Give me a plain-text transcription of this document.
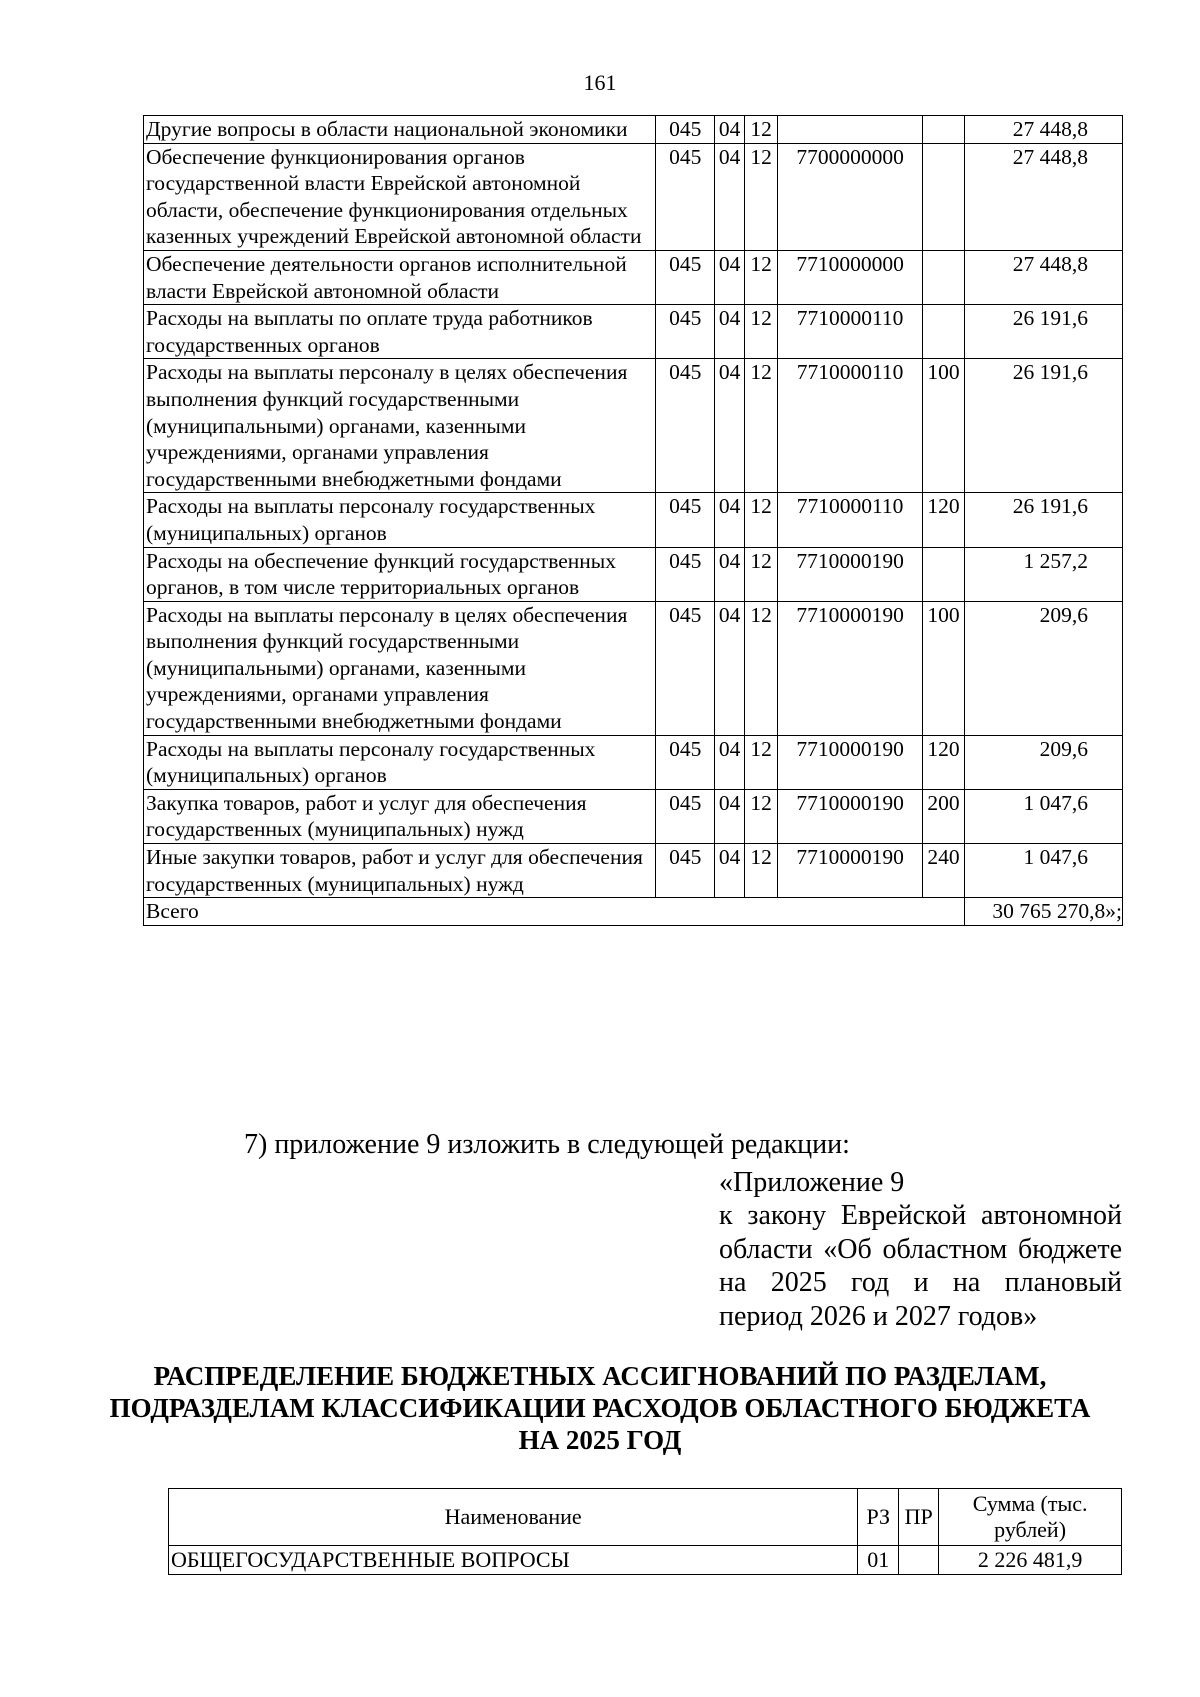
161
Другие вопросы в области национальной экономики	045	04	12			27 448,8
Обеспечение функционирования органов государственной власти Еврейской автономной области, обеспечение функционирования отдельных казенных учреждений Еврейской автономной области	045	04	12	7700000000		27 448,8
Обеспечение деятельности органов исполнительной власти Еврейской автономной области	045	04	12	7710000000		27 448,8
Расходы на выплаты по оплате труда работников государственных органов	045	04	12	7710000110		26 191,6
Расходы на выплаты персоналу в целях обеспечения выполнения функций государственными (муниципальными) органами, казенными учреждениями, органами управления государственными внебюджетными фондами	045	04	12	7710000110	100	26 191,6
Расходы на выплаты персоналу государственных (муниципальных) органов	045	04	12	7710000110	120	26 191,6
Расходы на обеспечение функций государственных органов, в том числе территориальных органов	045	04	12	7710000190		1 257,2
Расходы на выплаты персоналу в целях обеспечения выполнения функций государственными (муниципальными) органами, казенными учреждениями, органами управления государственными внебюджетными фондами	045	04	12	7710000190	100	209,6
Расходы на выплаты персоналу государственных (муниципальных) органов	045	04	12	7710000190	120	209,6
Закупка товаров, работ и услуг для обеспечения государственных (муниципальных) нужд	045	04	12	7710000190	200	1 047,6
Иные закупки товаров, работ и услуг для обеспечения государственных (муниципальных) нужд	045	04	12	7710000190	240	1 047,6
Всего						30 765 270,8»;
7) приложение 9 изложить в следующей редакции:
«Приложение 9
к закону Еврейской автономной
области «Об областном бюджете
на 2025 год и на плановый
период 2026 и 2027 годов»
РАСПРЕДЕЛЕНИЕ БЮДЖЕТНЫХ АССИГНОВАНИЙ ПО РАЗДЕЛАМ, ПОДРАЗДЕЛАМ КЛАССИФИКАЦИИ РАСХОДОВ ОБЛАСТНОГО БЮДЖЕТА НА 2025 ГОД
Наименование	РЗ	ПР	Сумма (тыс. рублей)
ОБЩЕГОСУДАРСТВЕННЫЕ ВОПРОСЫ	01		2 226 481,9
